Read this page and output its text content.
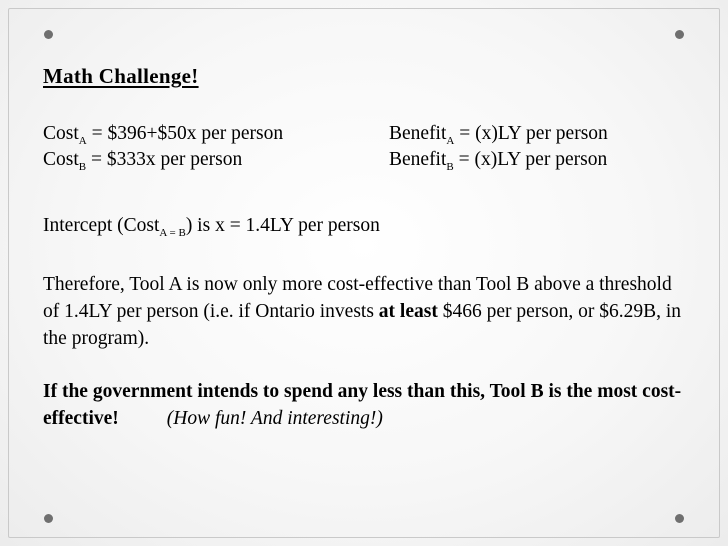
Math Challenge!
Cost$_A$ = $396+$50x per person	Benefit$_A$ = (x)LY per person
Cost$_B$ = $333x per person	Benefit$_B$ = (x)LY per person
Intercept (Cost$_{A = B}$) is x = 1.4LY per person
Therefore, Tool A is now only more cost-effective than Tool B above a threshold of 1.4LY per person (i.e. if Ontario invests at least $466 per person, or $6.29B, in the program).
If the government intends to spend any less than this, Tool B is the most cost-effective! (How fun! And interesting!)
